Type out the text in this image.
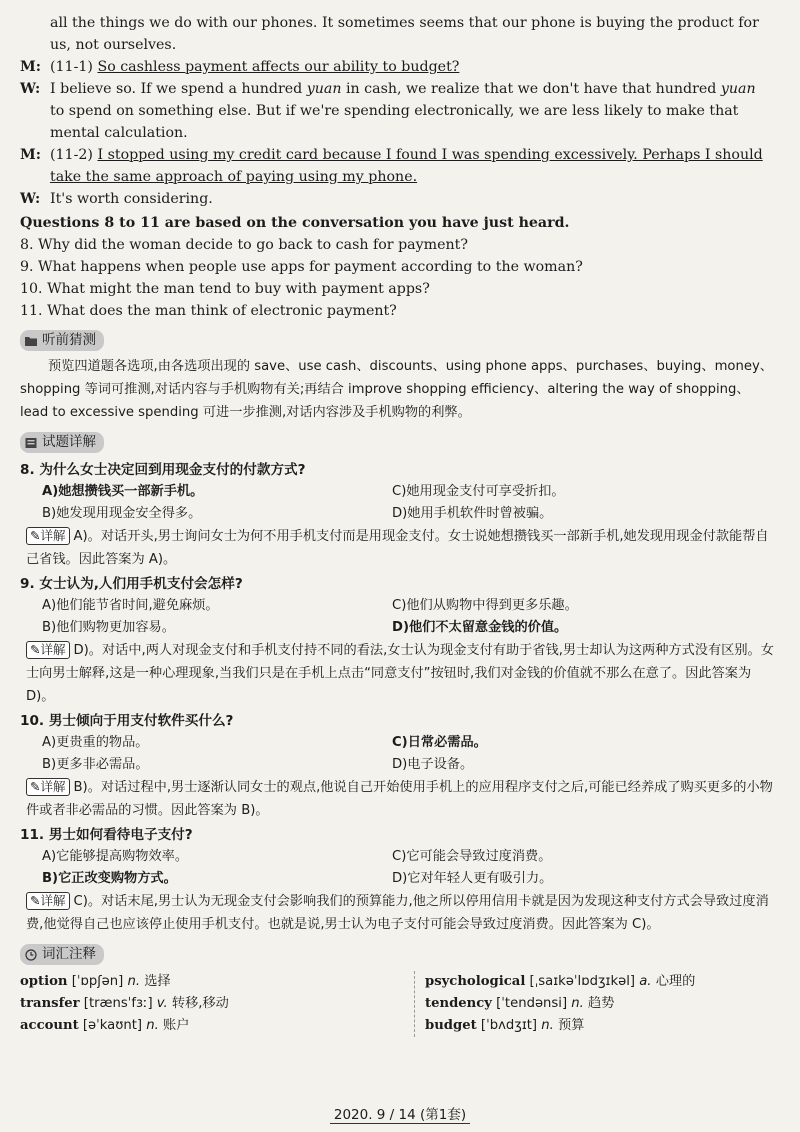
all the things we do with our phones. It sometimes seems that our phone is buying the product for

us, not ourselves.

M: (11-1) So cashless payment affects our ability to budget?
W: I believe so. If we spend a hundred yuan in cash, we realize that we don't have that hundred yuan to spend on something else. But if we're spending electronically, we are less likely to make that mental calculation.
M: (11-2) I stopped using my credit card because I found I was spending excessively. Perhaps I should take the same approach of paying using my phone.
W: It's worth considering.

Questions 8 to 11 are based on the conversation you have just heard.

8. Why did the woman decide to go back to cash for payment?

9. What happens when people use apps for payment according to the woman?

10. What might the man tend to buy with payment apps?

11. What does the man think of electronic payment?

听前猜测

预览四道题各选项,由各选项出现的 save、use cash、discounts、using phone apps、purchases、buying、money、shopping 等词可推测,对话内容与手机购物有关;再结合 improve shopping efficiency、altering the way of shopping、lead to excessive spending 可进一步推测,对话内容涉及手机购物的利弊。

试题详解
8. 为什么女士决定回到用现金支付的付款方式?
A)她想攒钱买一部新手机。	C)她用现金支付可享受折扣。
B)她发现用现金安全得多。	D)她用手机软件时曾被骗。
✎详解 A)。对话开头,男士询问女士为何不用手机支付而是用现金支付。女士说她想攒钱买一部新手机,她发现用现金付款能帮自己省钱。因此答案为 A)。
9. 女士认为,人们用手机支付会怎样?
A)他们能节省时间,避免麻烦。	C)他们从购物中得到更多乐趣。
B)他们购物更加容易。	D)他们不太留意金钱的价值。
✎详解 D)。对话中,两人对现金支付和手机支付持不同的看法,女士认为现金支付有助于省钱,男士却认为这两种方式没有区别。女士向男士解释,这是一种心理现象,当我们只是在手机上点击“同意支付”按钮时,我们对金钱的价值就不那么在意了。因此答案为 D)。
10. 男士倾向于用支付软件买什么?
A)更贵重的物品。	C)日常必需品。
B)更多非必需品。	D)电子设备。
✎详解 B)。对话过程中,男士逐渐认同女士的观点,他说自己开始使用手机上的应用程序支付之后,可能已经养成了购买更多的小物件或者非必需品的习惯。因此答案为 B)。
11. 男士如何看待电子支付?
A)它能够提高购物效率。	C)它可能会导致过度消费。
B)它正改变购物方式。	D)它对年轻人更有吸引力。
✎详解 C)。对话末尾,男士认为无现金支付会影响我们的预算能力,他之所以停用信用卡就是因为发现这种支付方式会导致过度消费,他觉得自己也应该停止使用手机支付。也就是说,男士认为电子支付可能会导致过度消费。因此答案为 C)。
词汇注释
option [ˈɒpʃən] n. 选择
transfer [trænsˈfɜː] v. 转移,移动
account [əˈkaʊnt] n. 账户
psychological [ˌsaɪkəˈlɒdʒɪkəl] a. 心理的
tendency [ˈtendənsi] n. 趋势
budget [ˈbʌdʒɪt] n. 预算
2020. 9 / 14 (第1套)
